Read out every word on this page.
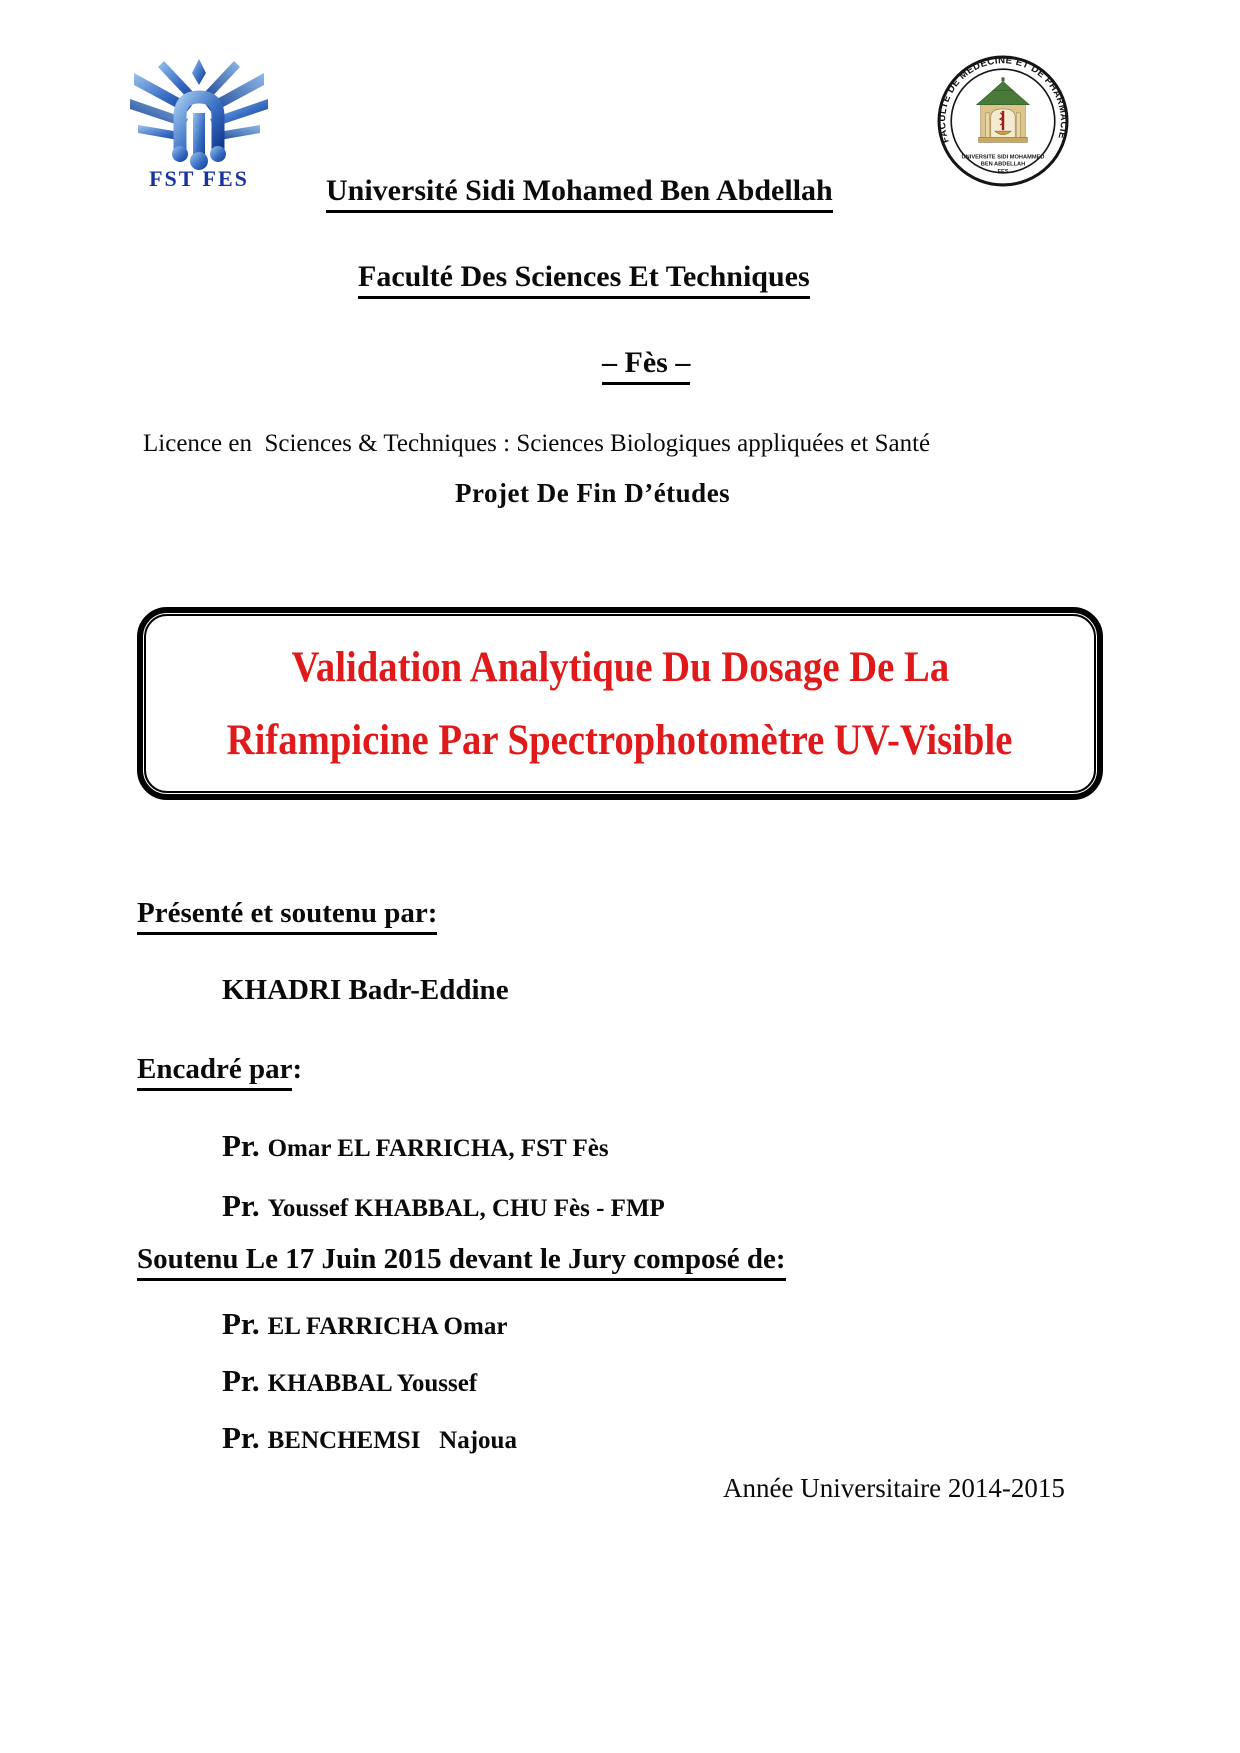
FST FES
FACULTE DE MEDECINE ET DE PHARMACIE
UNIVERSITE SIDI MOHAMMED
BEN ABDELLAH
FES

Université Sidi Mohamed Ben Abdellah

Faculté Des Sciences Et Techniques

– Fès –

Licence en  Sciences & Techniques : Sciences Biologiques appliquées et Santé
Projet De Fin D’études
Validation Analytique Du Dosage De La
Rifampicine Par Spectrophotomètre UV-Visible
Présenté et soutenu par:
KHADRI Badr-Eddine
Encadré par:
Pr. Omar EL FARRICHA, FST Fès
Pr. Youssef KHABBAL, CHU Fès - FMP
Soutenu Le 17 Juin 2015 devant le Jury composé de:
Pr. EL FARRICHA Omar
Pr. KHABBAL Youssef
Pr. BENCHEMSI   Najoua
Année Universitaire 2014-2015
